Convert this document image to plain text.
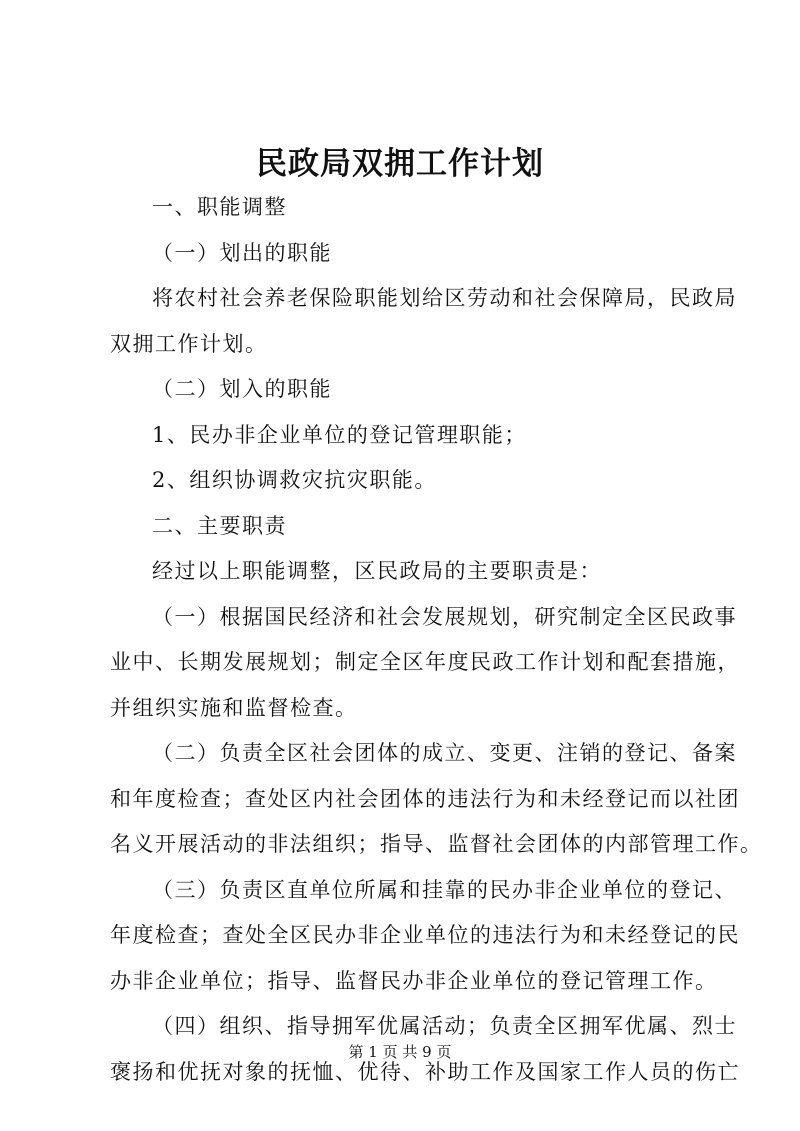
民政局双拥工作计划
一、职能调整
（一）划出的职能
将农村社会养老保险职能划给区劳动和社会保障局，民政局
双拥工作计划。
（二）划入的职能
1、民办非企业单位的登记管理职能；
2、组织协调救灾抗灾职能。
二、主要职责
经过以上职能调整，区民政局的主要职责是：
（一）根据国民经济和社会发展规划，研究制定全区民政事
业中、长期发展规划；制定全区年度民政工作计划和配套措施，
并组织实施和监督检查。
（二）负责全区社会团体的成立、变更、注销的登记、备案
和年度检查；查处区内社会团体的违法行为和未经登记而以社团
名义开展活动的非法组织；指导、监督社会团体的内部管理工作。
（三）负责区直单位所属和挂靠的民办非企业单位的登记、
年度检查；查处全区民办非企业单位的违法行为和未经登记的民
办非企业单位；指导、监督民办非企业单位的登记管理工作。
（四）组织、指导拥军优属活动；负责全区拥军优属、烈士
褒扬和优抚对象的抚恤、优待、补助工作及国家工作人员的伤亡
第 1 页 共 9 页
